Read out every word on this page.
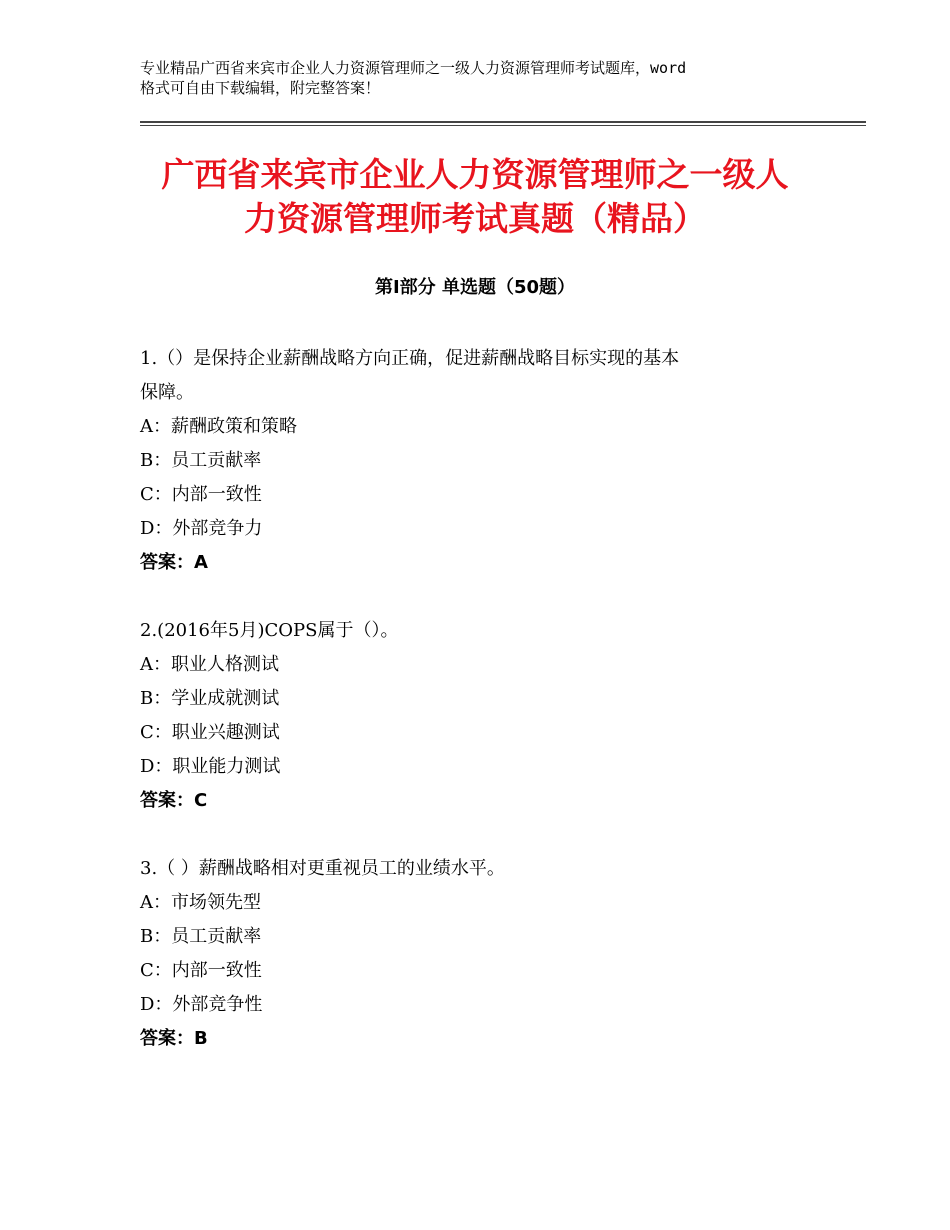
专业精品广西省来宾市企业人力资源管理师之一级人力资源管理师考试题库，word
格式可自由下载编辑，附完整答案！
广西省来宾市企业人力资源管理师之一级人
力资源管理师考试真题（精品）
第Ⅰ部分 单选题（50题）
1.（）是保持企业薪酬战略方向正确，促进薪酬战略目标实现的基本
保障。
A：薪酬政策和策略
B：员工贡献率
C：内部一致性
D：外部竞争力
答案：A
2.(2016年5月)COPS属于（）。
A：职业人格测试
B：学业成就测试
C：职业兴趣测试
D：职业能力测试
答案：C
3.（ ）薪酬战略相对更重视员工的业绩水平。
A：市场领先型
B：员工贡献率
C：内部一致性
D：外部竞争性
答案：B
